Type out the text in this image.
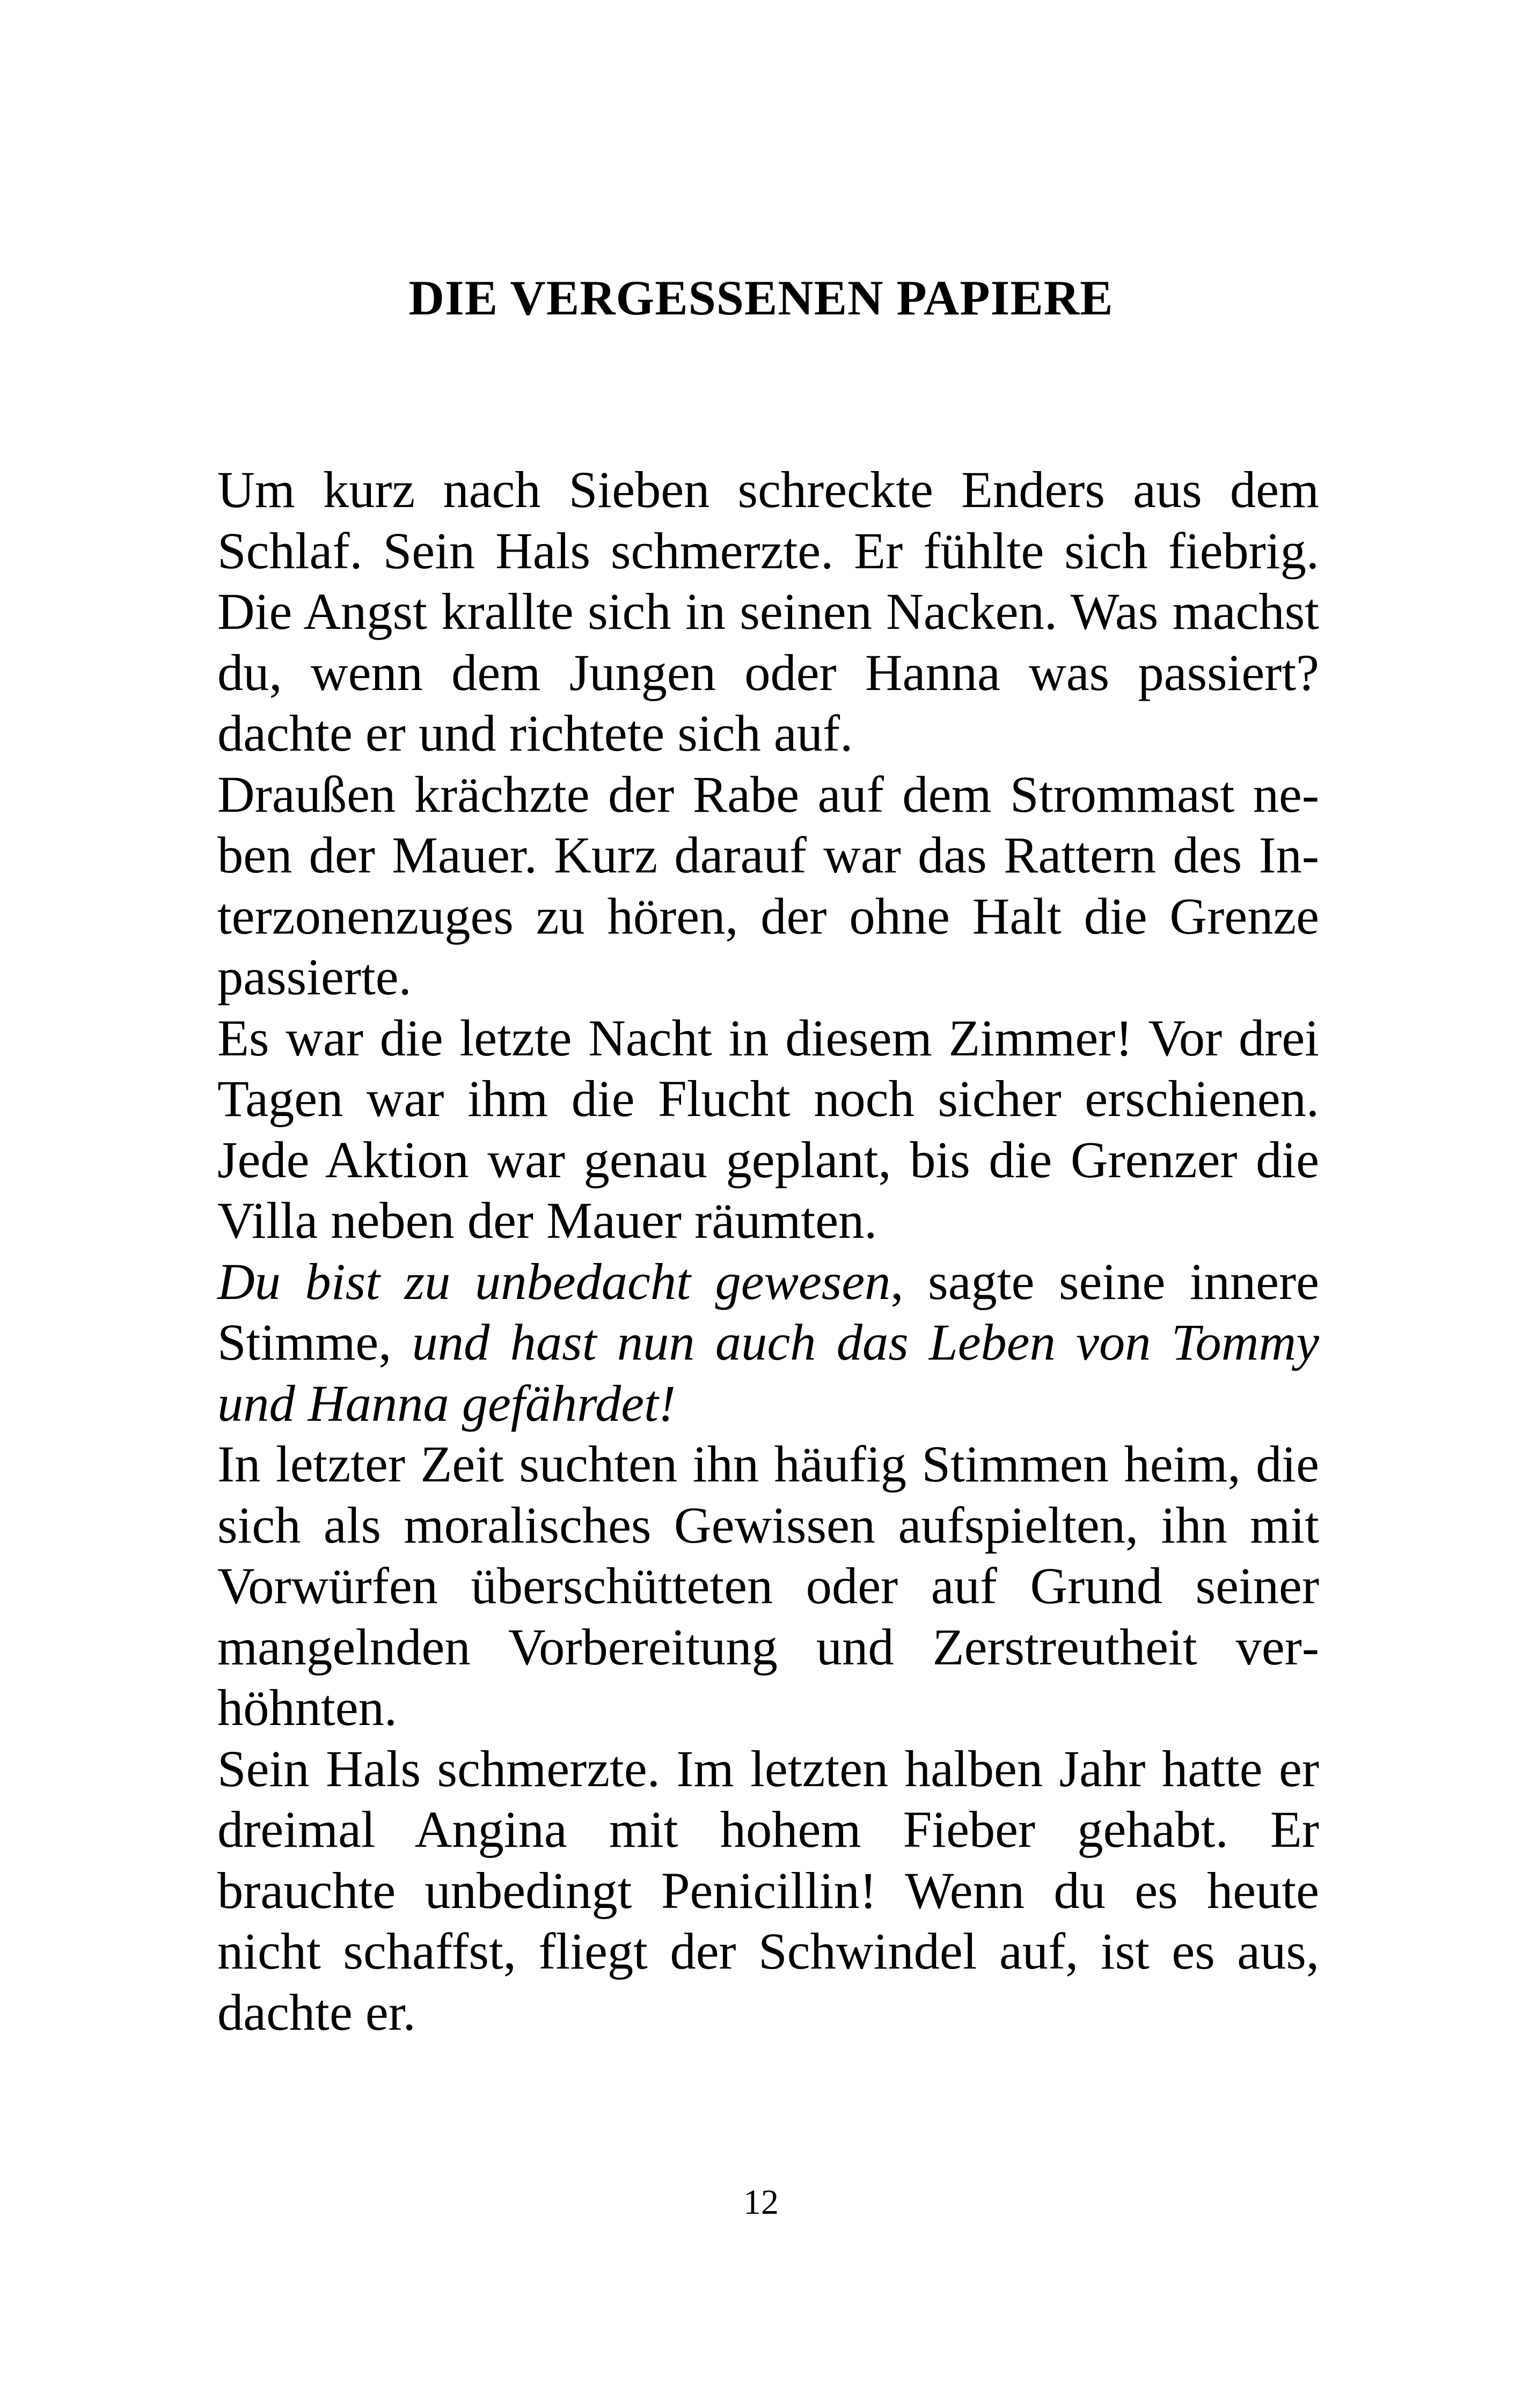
DIE VERGESSENEN PAPIERE

Um kurz nach Sieben schreckte Enders aus dem Schlaf. Sein Hals schmerzte. Er fühlte sich fiebrig. Die Angst krallte sich in seinen Nacken. Was machst du, wenn dem Jungen oder Hanna was passiert? dachte er und richtete sich auf.

Draußen krächzte der Rabe auf dem Strommast neben der Mauer. Kurz darauf war das Rattern des Interzonenzuges zu hören, der ohne Halt die Grenze passierte.

Es war die letzte Nacht in diesem Zimmer! Vor drei Tagen war ihm die Flucht noch sicher erschienen. Jede Aktion war genau geplant, bis die Grenzer die Villa neben der Mauer räumten.

Du bist zu unbedacht gewesen, sagte seine innere Stimme, und hast nun auch das Leben von Tommy und Hanna gefährdet!

In letzter Zeit suchten ihn häufig Stimmen heim, die sich als moralisches Gewissen aufspielten, ihn mit Vorwürfen überschütteten oder auf Grund seiner mangelnden Vorbereitung und Zerstreutheit verhöhnten.

Sein Hals schmerzte. Im letzten halben Jahr hatte er dreimal Angina mit hohem Fieber gehabt. Er brauchte unbedingt Penicillin! Wenn du es heute nicht schaffst, fliegt der Schwindel auf, ist es aus, dachte er.

12
